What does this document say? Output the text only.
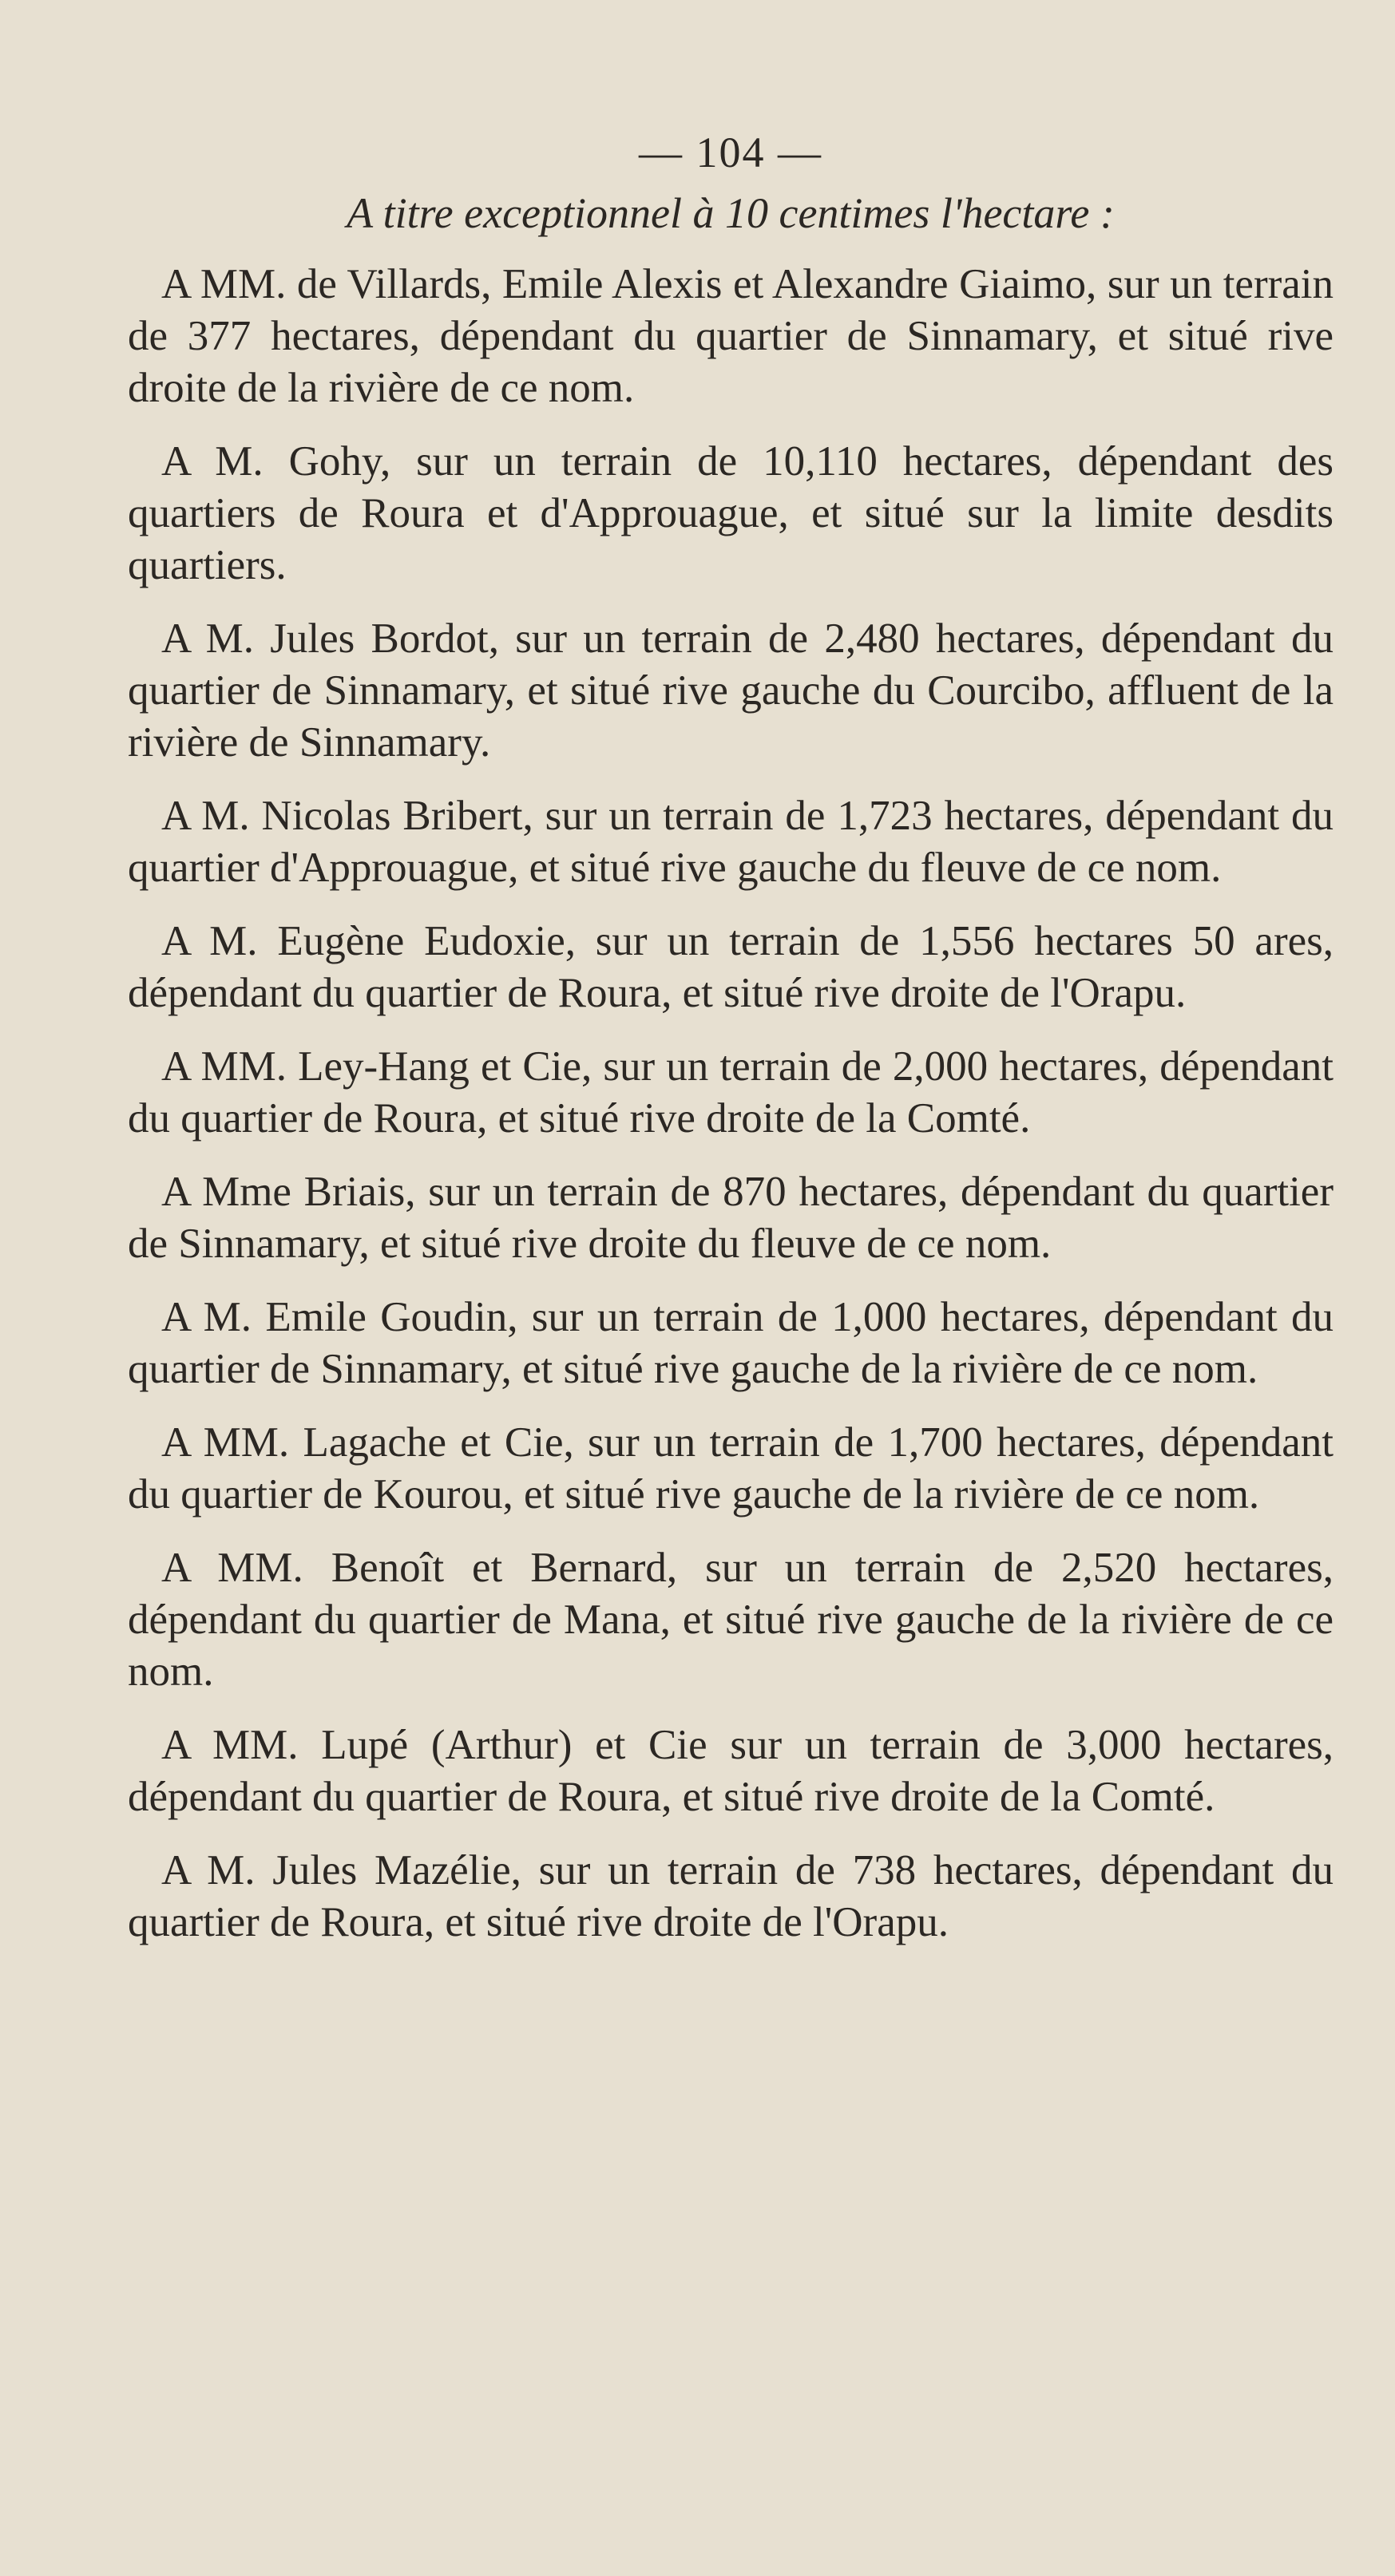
— 104 —
A titre exceptionnel à 10 centimes l'hectare :

A MM. de Villards, Emile Alexis et Alexandre Giaimo, sur un terrain de 377 hectares, dépendant du quartier de Sinnamary, et situé rive droite de la rivière de ce nom.

A M. Gohy, sur un terrain de 10,110 hectares, dépendant des quartiers de Roura et d'Approuague, et situé sur la limite desdits quartiers.

A M. Jules Bordot, sur un terrain de 2,480 hectares, dépendant du quartier de Sinnamary, et situé rive gauche du Courcibo, affluent de la rivière de Sinnamary.

A M. Nicolas Bribert, sur un terrain de 1,723 hectares, dépendant du quartier d'Approuague, et situé rive gauche du fleuve de ce nom.

A M. Eugène Eudoxie, sur un terrain de 1,556 hectares 50 ares, dépendant du quartier de Roura, et situé rive droite de l'Orapu.

A MM. Ley-Hang et Cie, sur un terrain de 2,000 hectares, dépendant du quartier de Roura, et situé rive droite de la Comté.

A Mme Briais, sur un terrain de 870 hectares, dépendant du quartier de Sinnamary, et situé rive droite du fleuve de ce nom.

A M. Emile Goudin, sur un terrain de 1,000 hectares, dépendant du quartier de Sinnamary, et situé rive gauche de la rivière de ce nom.

A MM. Lagache et Cie, sur un terrain de 1,700 hectares, dépendant du quartier de Kourou, et situé rive gauche de la rivière de ce nom.

A MM. Benoît et Bernard, sur un terrain de 2,520 hectares, dépendant du quartier de Mana, et situé rive gauche de la rivière de ce nom.

A MM. Lupé (Arthur) et Cie sur un terrain de 3,000 hectares, dépendant du quartier de Roura, et situé rive droite de la Comté.

A M. Jules Mazélie, sur un terrain de 738 hectares, dépendant du quartier de Roura, et situé rive droite de l'Orapu.
